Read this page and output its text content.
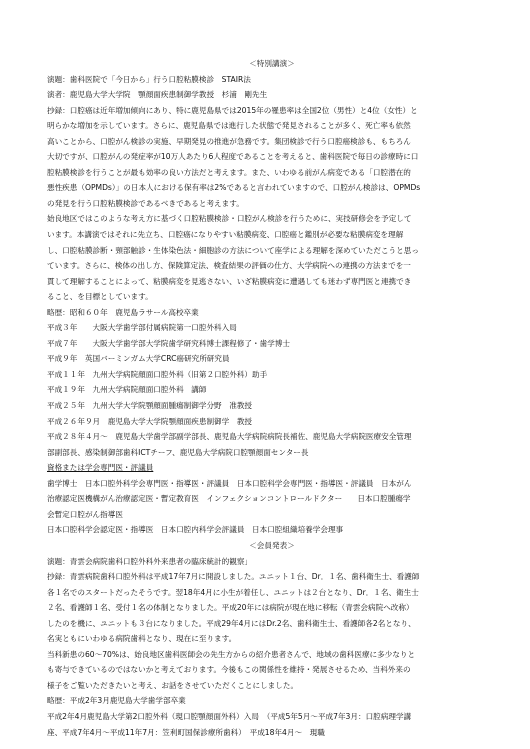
＜特別講演＞
演題：歯科医院で「今日から」行う口腔粘膜検診　STAIR法
演者：鹿児島大学大学院　顎顔面疾患制御学教授　杉浦　剛先生
抄録：口腔癌は近年増加傾向にあり、特に鹿児島県では2015年の罹患率は全国2位（男性）と4位（女性）と
明らかな増加を示しています。さらに、鹿児島県では進行した状態で発見されることが多く、死亡率も依然
高いことから、口腔がん検診の実施、早期発見の推進が急務です。集団検診で行う口腔癌検診も、もちろん
大切ですが、口腔がんの発症率が10万人あたり6人程度であることを考えると、歯科医院で毎日の診療時に口
腔粘膜検診を行うことが最も効率の良い方法だと考えます。また、いわゆる前がん病変である「口腔潜在的
悪性疾患（OPMDs）」の日本人における保有率は2%であると言われていますので、口腔がん検診は、OPMDs
の発見を行う口腔粘膜検診であるべきであると考えます。
始良地区ではこのような考え方に基づく口腔粘膜検診・口腔がん検診を行うために、実技研修会を予定して
います。本講演ではそれに先立ち、口腔癌になりやすい粘膜病変、口腔癌と鑑別が必要な粘膜病変を理解
し、口腔粘膜診断・頸部触診・生体染色法・細胞診の方法について座学による理解を深めていただこうと思っ
ています。さらに、検体の出し方、保険算定法、検査結果の評価の仕方、大学病院への連携の方法までを一
貫して理解することによって、粘膜病変を見逃さない、いざ粘膜病変に遭遇しても迷わず専門医と連携でき
ること、を目標としています。
略歴：昭和６０年　鹿児島ラサール高校卒業
平成３年　　大阪大学歯学部付属病院第一口腔外科入局
平成７年　　大阪大学歯学部大学院歯学研究科博士課程修了・歯学博士
平成９年　英国バーミンガム大学CRC癌研究所研究員
平成１１年　九州大学病院顔面口腔外科（旧第２口腔外科）助手
平成１９年　九州大学病院顔面口腔外科　講師
平成２５年　九州大学大学院顎顔面腫瘍制御学分野　准教授
平成２６年９月　鹿児島大学大学院顎顔面疾患制御学　教授
平成２８年４月〜　鹿児島大学歯学部副学部長、鹿児島大学病院病院長補佐、鹿児島大学病院医療安全管理
部副部長、感染制御部歯科ICTチーフ、鹿児島大学病院口腔顎顔面センター長
資格または学会専門医・評議員
歯学博士　日本口腔外科学会専門医・指導医・評議員　日本口腔科学会専門医・指導医・評議員　日本がん
治療認定医機構がん治療認定医・暫定教育医　インフェクションコントロールドクター　　日本口腔腫瘍学
会暫定口腔がん指導医
日本口腔科学会認定医・指導医　日本口腔内科学会評議員　日本口腔組織培養学会理事
＜会員発表＞
演題：青雲会病院歯科口腔外科外来患者の臨床統計的観察」
抄録：青雲病院歯科口腔外科は平成17年7月に開設しました。ユニット１台、Dr．１名、歯科衛生士、看護師
各１名でのスタートだったそうです。翌18年4月に小生が着任し、ユニットは２台となり、Dr．１名、衛生士
２名、看護師１名、受付１名の体制となりました。平成20年には病院が現在地に移転（青雲会病院へ改称）
したのを機に、ユニットも３台になりました。平成29年4月にはDr.2名、歯科衛生士、看護師各2名となり、
名実ともにいわゆる病院歯科となり、現在に至ります。
当科新患の60〜70%は、始良地区歯科医師会の先生方からの紹介患者さんで、地域の歯科医療に多少なりと
も寄与できているのではないかと考えております。今後もこの関係性を維持・発展させるため、当科外来の
様子をご覧いただきたいと考え、お話をさせていただくことにしました。
略歴：平成2年3月鹿児島大学歯学部卒業
平成2年4月鹿児島大学第2口腔外科（現口腔顎顔面外科）入局　（平成5年5月〜平成7年3月：口腔病理学講
座、平成7年4月〜平成11年7月：笠利町国保診療所歯科）　平成18年4月〜　現職
